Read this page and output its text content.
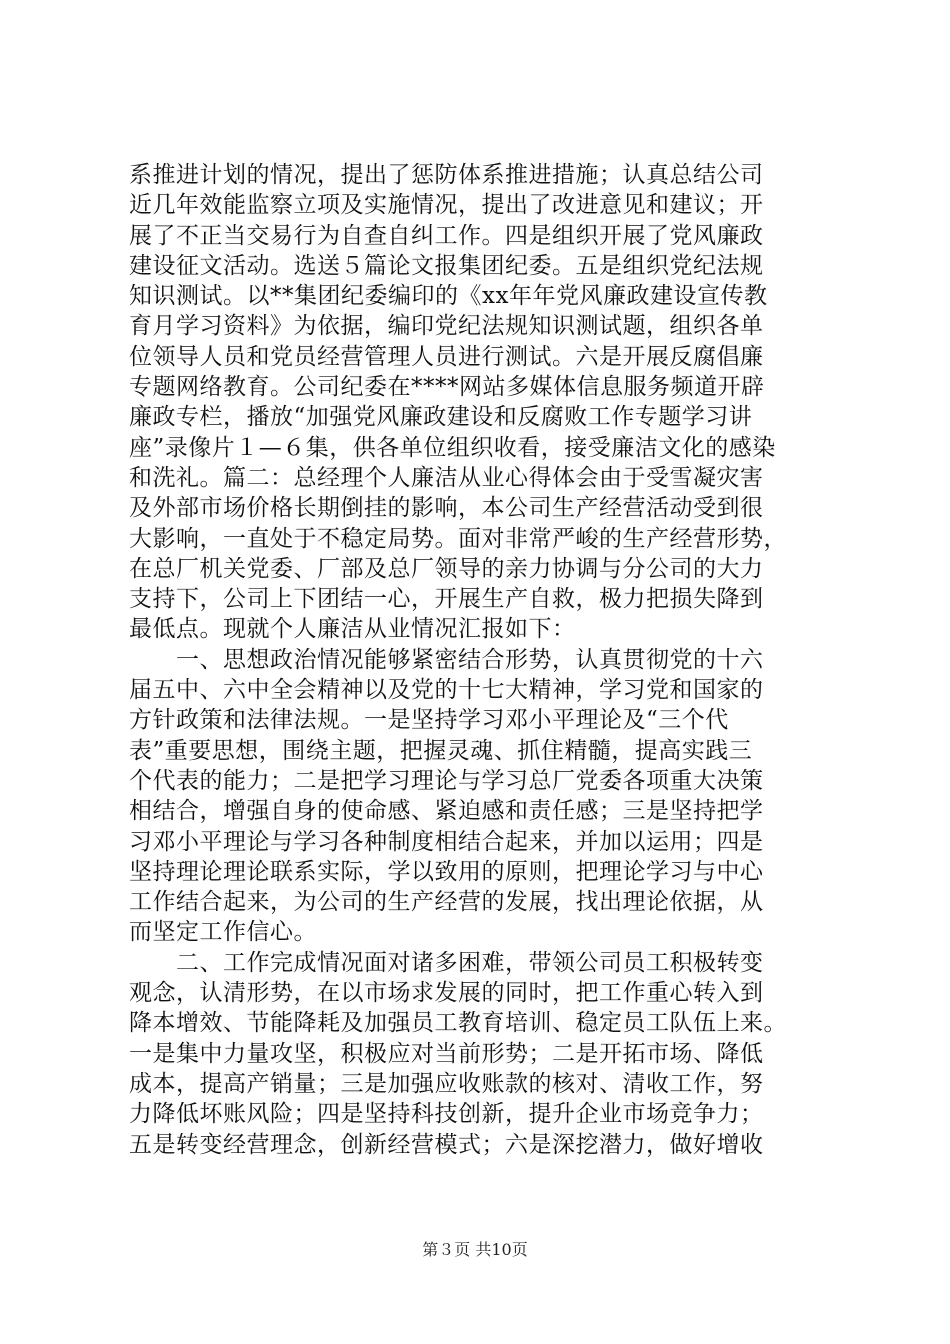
系推进计划的情况，提出了惩防体系推进措施；认真总结公司
近几年效能监察立项及实施情况，提出了改进意见和建议；开
展了不正当交易行为自查自纠工作。四是组织开展了党风廉政
建设征文活动。选送５篇论文报集团纪委。五是组织党纪法规
知识测试。以**集团纪委编印的《xx年年党风廉政建设宣传教
育月学习资料》为依据，编印党纪法规知识测试题，组织各单
位领导人员和党员经营管理人员进行测试。六是开展反腐倡廉
专题网络教育。公司纪委在****网站多媒体信息服务频道开辟
廉政专栏，播放“加强党风廉政建设和反腐败工作专题学习讲
座”录像片１—６集，供各单位组织收看，接受廉洁文化的感染
和洗礼。篇二：总经理个人廉洁从业心得体会由于受雪凝灾害
及外部市场价格长期倒挂的影响，本公司生产经营活动受到很
大影响，一直处于不稳定局势。面对非常严峻的生产经营形势，
在总厂机关党委、厂部及总厂领导的亲力协调与分公司的大力
支持下，公司上下团结一心，开展生产自救，极力把损失降到
最低点。现就个人廉洁从业情况汇报如下：
　　一、思想政治情况能够紧密结合形势，认真贯彻党的十六
届五中、六中全会精神以及党的十七大精神，学习党和国家的
方针政策和法律法规。一是坚持学习邓小平理论及“三个代
表”重要思想，围绕主题，把握灵魂、抓住精髓，提高实践三
个代表的能力；二是把学习理论与学习总厂党委各项重大决策
相结合，增强自身的使命感、紧迫感和责任感；三是坚持把学
习邓小平理论与学习各种制度相结合起来，并加以运用；四是
坚持理论理论联系实际，学以致用的原则，把理论学习与中心
工作结合起来，为公司的生产经营的发展，找出理论依据，从
而坚定工作信心。
　　二、工作完成情况面对诸多困难，带领公司员工积极转变
观念，认清形势，在以市场求发展的同时，把工作重心转入到
降本增效、节能降耗及加强员工教育培训、稳定员工队伍上来。
一是集中力量攻坚，积极应对当前形势；二是开拓市场、降低
成本，提高产销量；三是加强应收账款的核对、清收工作，努
力降低坏账风险；四是坚持科技创新，提升企业市场竞争力；
五是转变经营理念，创新经营模式；六是深挖潜力，做好增收
第３页 共10页
